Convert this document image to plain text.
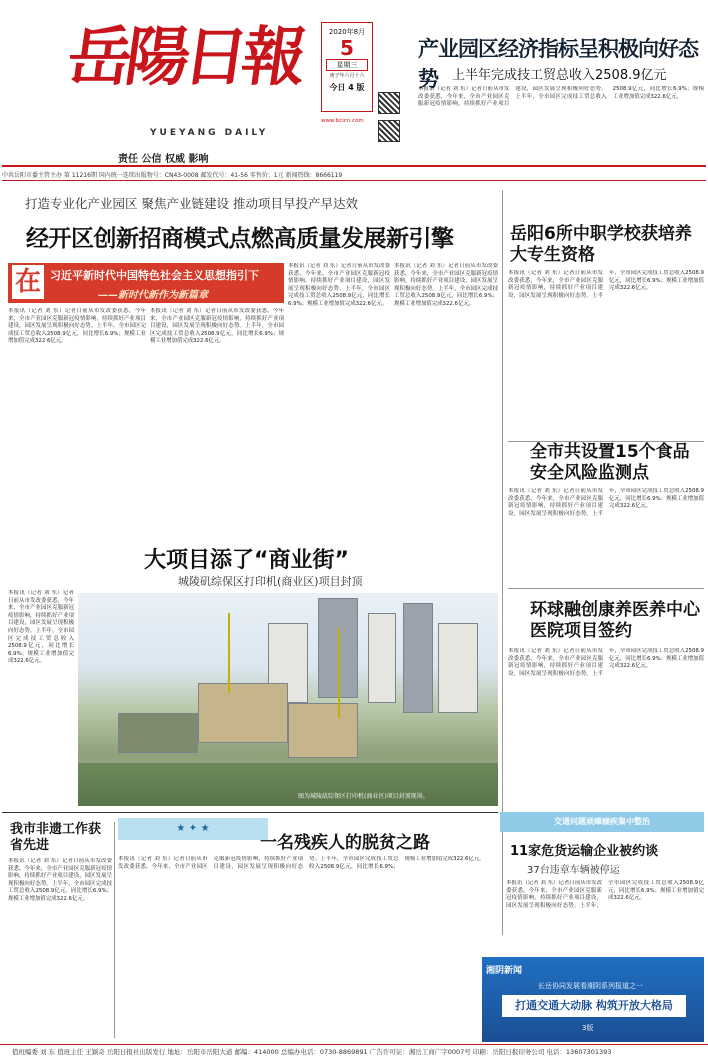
岳陽日報
YUEYANG DAILY
责任 公信 权威 影响
2020年8月
5
星期三
庚子年六月十六
今日 4 版
www.bcicn.com
产业园区经济指标呈积极向好态势	上半年完成技工贸总收入2508.9亿元
本报讯（记者 刘 东）记者日前从市发改委获悉，今年来，全市产业园区克服新冠疫情影响，持续抓好产业项目建设，园区发展呈现积极向好态势。上半年，全市园区完成技工贸总收入2508.9亿元，同比增长6.9%；规模工业增加值完成322.6亿元。
中共岳阳市委主管主办 第 11216期 国内统一连续出版物号：CN43-0008 邮发代号：41-56 零售价：1元 新闻热线：8666119
打造专业化产业园区 聚焦产业链建设 推动项目早投产早达效
经开区创新招商模式点燃高质量发展新引擎
在 习近平新时代中国特色社会主义思想指引下
——新时代新作为新篇章
本报讯（记者 刘 东）记者日前从市发改委获悉，今年来，全市产业园区克服新冠疫情影响，持续抓好产业项目建设，园区发展呈现积极向好态势。上半年，全市园区完成技工贸总收入2508.9亿元，同比增长6.9%；规模工业增加值完成322.6亿元。
本报讯（记者 刘 东）记者日前从市发改委获悉，今年来，全市产业园区克服新冠疫情影响，持续抓好产业项目建设，园区发展呈现积极向好态势。上半年，全市园区完成技工贸总收入2508.9亿元，同比增长6.9%；规模工业增加值完成322.6亿元。
本报讯（记者 刘 东）记者日前从市发改委获悉，今年来，全市产业园区克服新冠疫情影响，持续抓好产业项目建设，园区发展呈现积极向好态势。上半年，全市园区完成技工贸总收入2508.9亿元，同比增长6.9%；规模工业增加值完成322.6亿元。
本报讯（记者 刘 东）记者日前从市发改委获悉，今年来，全市产业园区克服新冠疫情影响，持续抓好产业项目建设，园区发展呈现积极向好态势。上半年，全市园区完成技工贸总收入2508.9亿元，同比增长6.9%；规模工业增加值完成322.6亿元。
岳阳6所中职学校获培养大专生资格
本报讯（记者 刘 东）记者日前从市发改委获悉，今年来，全市产业园区克服新冠疫情影响，持续抓好产业项目建设，园区发展呈现积极向好态势。上半年，全市园区完成技工贸总收入2508.9亿元，同比增长6.9%；规模工业增加值完成322.6亿元。
全市共设置15个食品安全风险监测点
本报讯（记者 刘 东）记者日前从市发改委获悉，今年来，全市产业园区克服新冠疫情影响，持续抓好产业项目建设，园区发展呈现积极向好态势。上半年，全市园区完成技工贸总收入2508.9亿元，同比增长6.9%；规模工业增加值完成322.6亿元。
环球融创康养医养中心医院项目签约
本报讯（记者 刘 东）记者日前从市发改委获悉，今年来，全市产业园区克服新冠疫情影响，持续抓好产业项目建设，园区发展呈现积极向好态势。上半年，全市园区完成技工贸总收入2508.9亿元，同比增长6.9%；规模工业增加值完成322.6亿元。
大项目添了“商业街”
城陵矶综保区打印机(商业区)项目封顶
本报讯（记者 刘 东）记者日前从市发改委获悉，今年来，全市产业园区克服新冠疫情影响，持续抓好产业项目建设，园区发展呈现积极向好态势。上半年，全市园区完成技工贸总收入2508.9亿元，同比增长6.9%；规模工业增加值完成322.6亿元。
图为城陵矶综保区打印机(商业区)项目封顶现场。
我市非遗工作获省先进
本报讯（记者 刘 东）记者日前从市发改委获悉，今年来，全市产业园区克服新冠疫情影响，持续抓好产业项目建设，园区发展呈现积极向好态势。上半年，全市园区完成技工贸总收入2508.9亿元，同比增长6.9%；规模工业增加值完成322.6亿元。
★ ✦ ★
一名残疾人的脱贫之路
本报讯（记者 刘 东）记者日前从市发改委获悉，今年来，全市产业园区克服新冠疫情影响，持续抓好产业项目建设，园区发展呈现积极向好态势。上半年，全市园区完成技工贸总收入2508.9亿元，同比增长6.9%；规模工业增加值完成322.6亿元。
交通问题顽瘴痼疾集中整治
11家危货运输企业被约谈
37台违章车辆被停运
本报讯（记者 刘 东）记者日前从市发改委获悉，今年来，全市产业园区克服新冠疫情影响，持续抓好产业项目建设，园区发展呈现积极向好态势。上半年，全市园区完成技工贸总收入2508.9亿元，同比增长6.9%；规模工业增加值完成322.6亿元。
湘阴新闻
长岳协同发展看湘阴系列报道之一
打通交通大动脉 构筑开放大格局
3版
值班编委 刘 东 值班主任 王颖奇 岳阳日报社出版发行 地址：岳阳市岳阳大道 邮编：414000 总编办电话：0730-8869891 广告许可证：湘岳工商广字0007号 印刷：岳阳日报印务公司 电话：13607301393
